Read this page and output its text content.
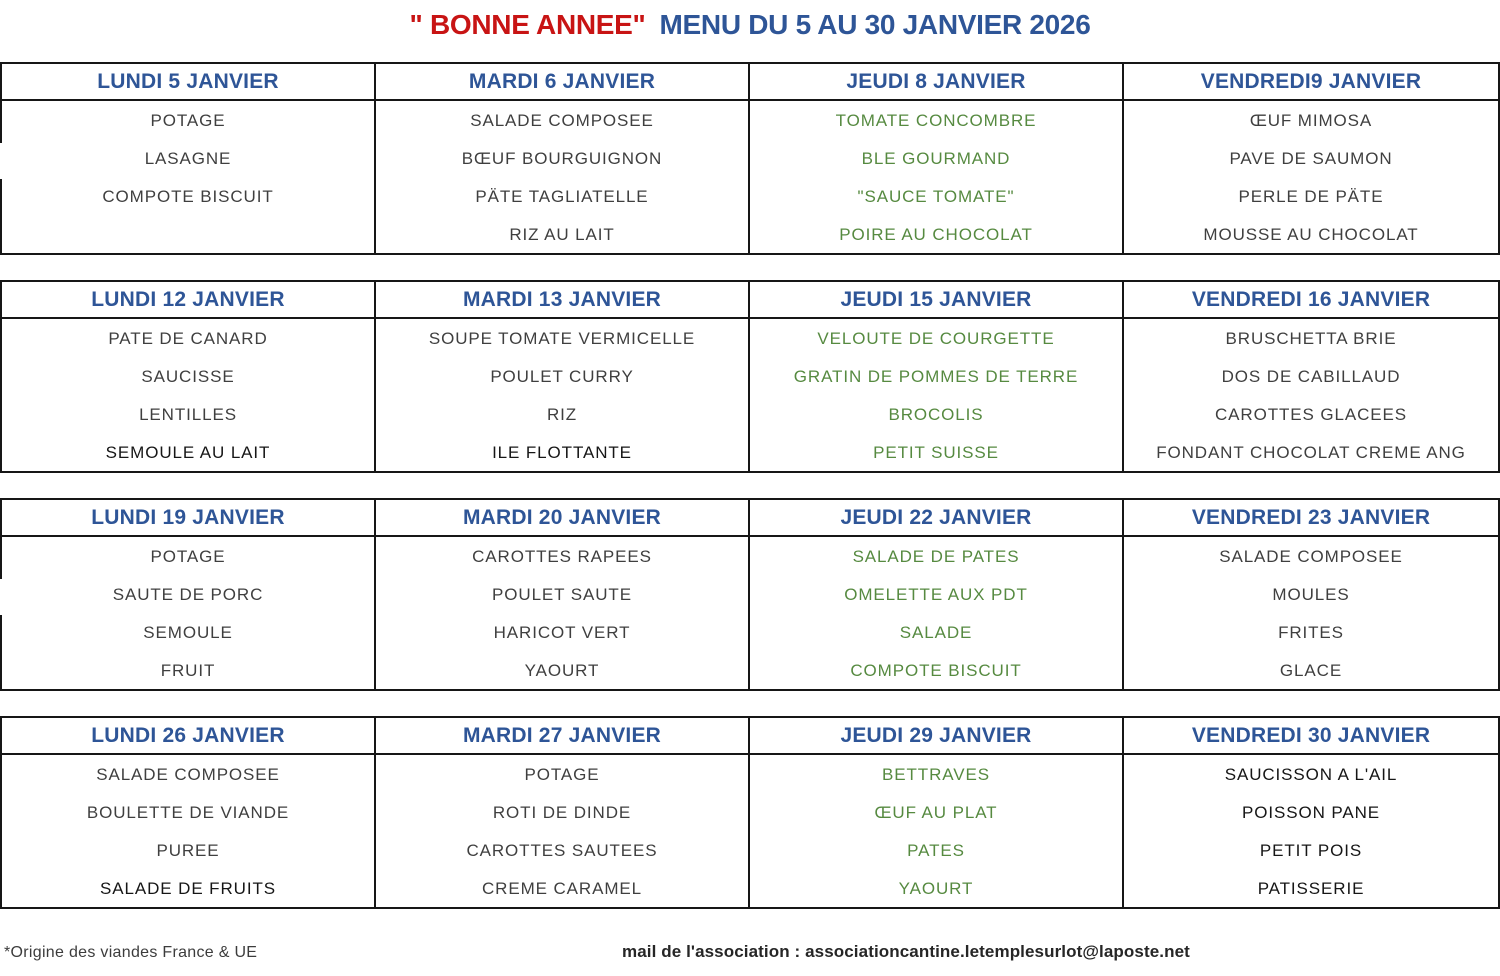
" BONNE ANNEE" MENU DU 5 AU 30 JANVIER 2026
LUNDI 5 JANVIER
POTAGE
LASAGNE
COMPOTE BISCUIT
MARDI 6 JANVIER
SALADE COMPOSEE
BŒUF BOURGUIGNON
PÄTE TAGLIATELLE
RIZ AU LAIT
JEUDI 8 JANVIER
TOMATE CONCOMBRE
BLE GOURMAND
"SAUCE TOMATE"
POIRE AU CHOCOLAT
VENDREDI9 JANVIER
ŒUF MIMOSA
PAVE DE SAUMON
PERLE DE PÄTE
MOUSSE AU CHOCOLAT
LUNDI 12 JANVIER
PATE DE CANARD
SAUCISSE
LENTILLES
SEMOULE AU LAIT
MARDI 13 JANVIER
SOUPE TOMATE VERMICELLE
POULET CURRY
RIZ
ILE FLOTTANTE
JEUDI 15 JANVIER
VELOUTE DE COURGETTE
GRATIN DE POMMES DE TERRE
BROCOLIS
PETIT SUISSE
VENDREDI 16 JANVIER
BRUSCHETTA BRIE
DOS DE CABILLAUD
CAROTTES GLACEES
FONDANT CHOCOLAT CREME ANG
LUNDI 19 JANVIER
POTAGE
SAUTE DE PORC
SEMOULE
FRUIT
MARDI 20 JANVIER
CAROTTES RAPEES
POULET SAUTE
HARICOT VERT
YAOURT
JEUDI 22 JANVIER
SALADE DE PATES
OMELETTE AUX PDT
SALADE
COMPOTE BISCUIT
VENDREDI 23 JANVIER
SALADE COMPOSEE
MOULES
FRITES
GLACE
LUNDI 26 JANVIER
SALADE COMPOSEE
BOULETTE DE VIANDE
PUREE
SALADE DE FRUITS
MARDI 27 JANVIER
POTAGE
ROTI DE DINDE
CAROTTES SAUTEES
CREME CARAMEL
JEUDI 29 JANVIER
BETTRAVES
ŒUF AU PLAT
PATES
YAOURT
VENDREDI 30 JANVIER
SAUCISSON A L'AIL
POISSON PANE
PETIT POIS
PATISSERIE
*Origine des viandes France & UE	mail de l'association : associationcantine.letemplesurlot@laposte.net
